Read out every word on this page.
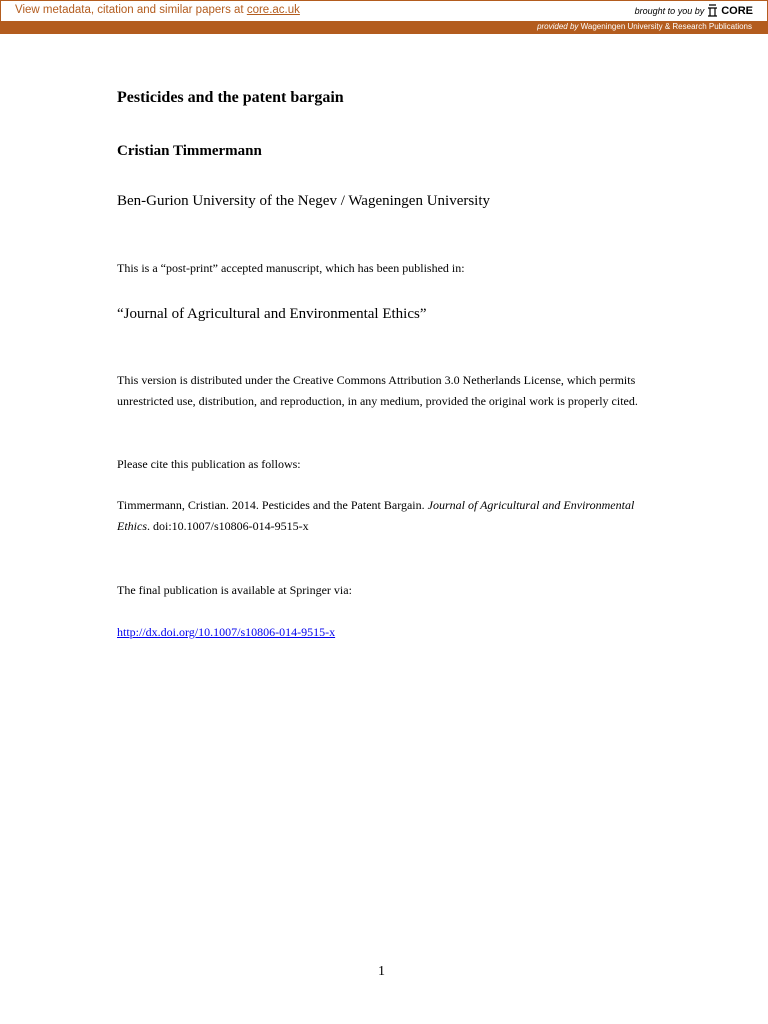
View metadata, citation and similar papers at core.ac.uk	brought to you by CORE
provided by Wageningen University & Research Publications
Pesticides and the patent bargain
Cristian Timmermann
Ben-Gurion University of the Negev / Wageningen University
This is a “post-print” accepted manuscript, which has been published in:
“Journal of Agricultural and Environmental Ethics”
This version is distributed under the Creative Commons Attribution 3.0 Netherlands License, which permits unrestricted use, distribution, and reproduction, in any medium, provided the original work is properly cited.
Please cite this publication as follows:
Timmermann, Cristian. 2014. Pesticides and the Patent Bargain. Journal of Agricultural and Environmental Ethics. doi:10.1007/s10806-014-9515-x
The final publication is available at Springer via:
http://dx.doi.org/10.1007/s10806-014-9515-x
1
